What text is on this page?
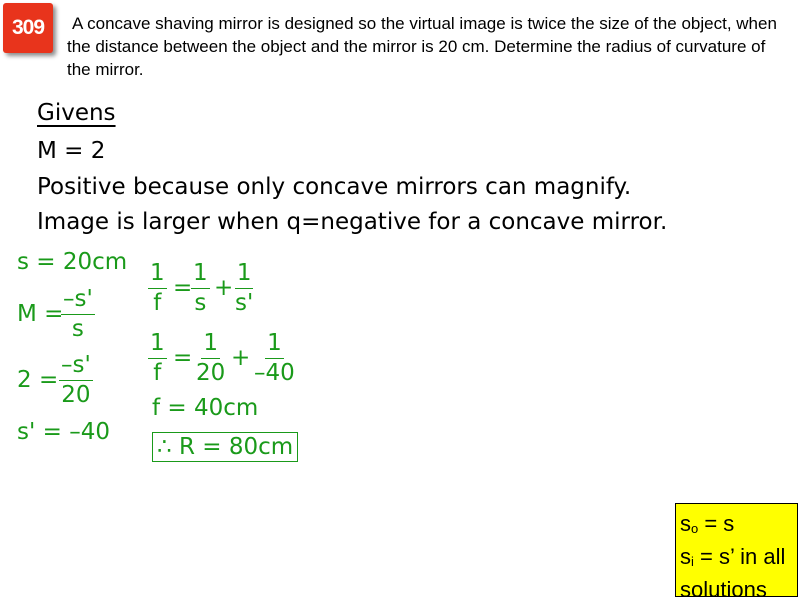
309	A concave shaving mirror is designed so the virtual image is twice the size of the object, when the distance between the object and the mirror is 20 cm. Determine the radius of curvature of the mirror.
Givens
M = 2
Positive because only concave mirrors can magnify.
Image is larger when q=negative for a concave mirror.
s = 20cm
M =
$\frac{-s'}{s}$
$2 = \frac{-s'}{20}$
s' = –40
$\frac{1}{f}$ =
$\frac{1}{s} + \frac{1}{s'}$
$\frac{1}{f} = \frac{1}{20} + \frac{1}{-40}$
f = 40cm
∴ R = 80cm
$s_o = s$
$s_i = s$’ in all
solutions
